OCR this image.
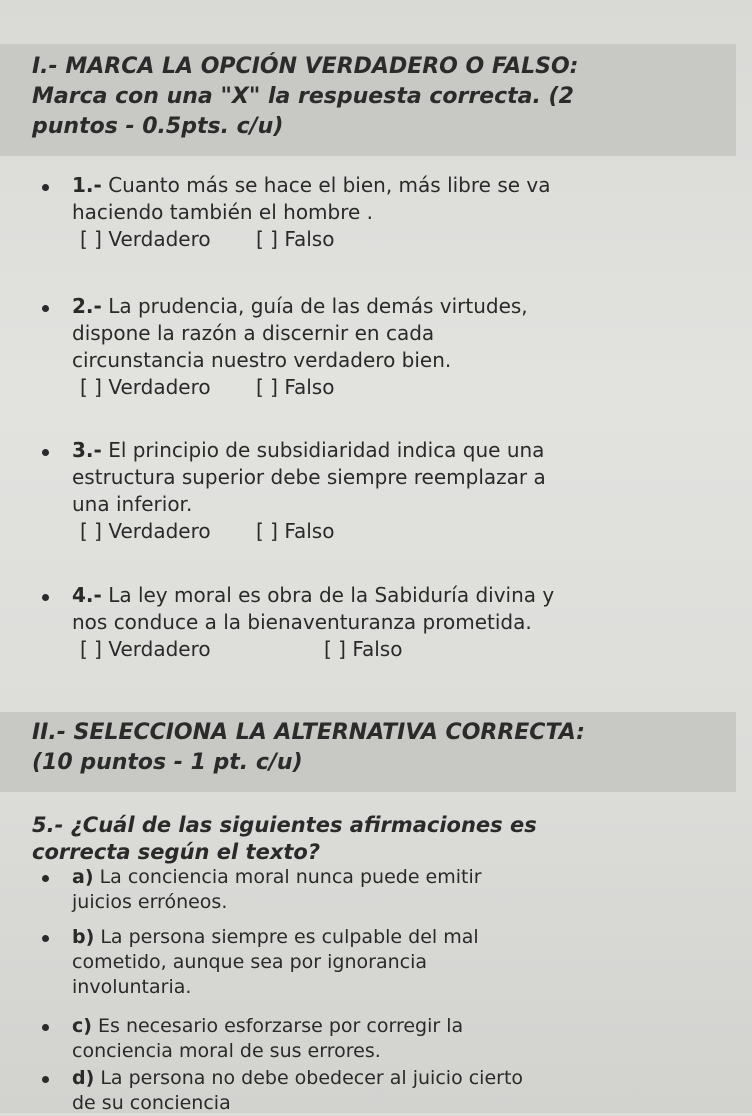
I.- MARCA LA OPCIÓN VERDADERO O FALSO:
Marca con una "X" la respuesta correcta. (2
puntos - 0.5pts. c/u)
1.- Cuanto más se hace el bien, más libre se va
haciendo también el hombre .
[ ] Verdadero [ ] Falso
2.- La prudencia, guía de las demás virtudes,
dispone la razón a discernir en cada
circunstancia nuestro verdadero bien.
[ ] Verdadero [ ] Falso
3.- El principio de subsidiaridad indica que una
estructura superior debe siempre reemplazar a
una inferior.
[ ] Verdadero [ ] Falso
4.- La ley moral es obra de la Sabiduría divina y
nos conduce a la bienaventuranza prometida.
[ ] Verdadero	[ ] Falso
II.- SELECCIONA LA ALTERNATIVA CORRECTA:
(10 puntos - 1 pt. c/u)
5.- ¿Cuál de las siguientes afirmaciones es
correcta según el texto?
a) La conciencia moral nunca puede emitir
juicios erróneos.
b) La persona siempre es culpable del mal
cometido, aunque sea por ignorancia
involuntaria.
c) Es necesario esforzarse por corregir la
conciencia moral de sus errores.
d) La persona no debe obedecer al juicio cierto
de su conciencia
